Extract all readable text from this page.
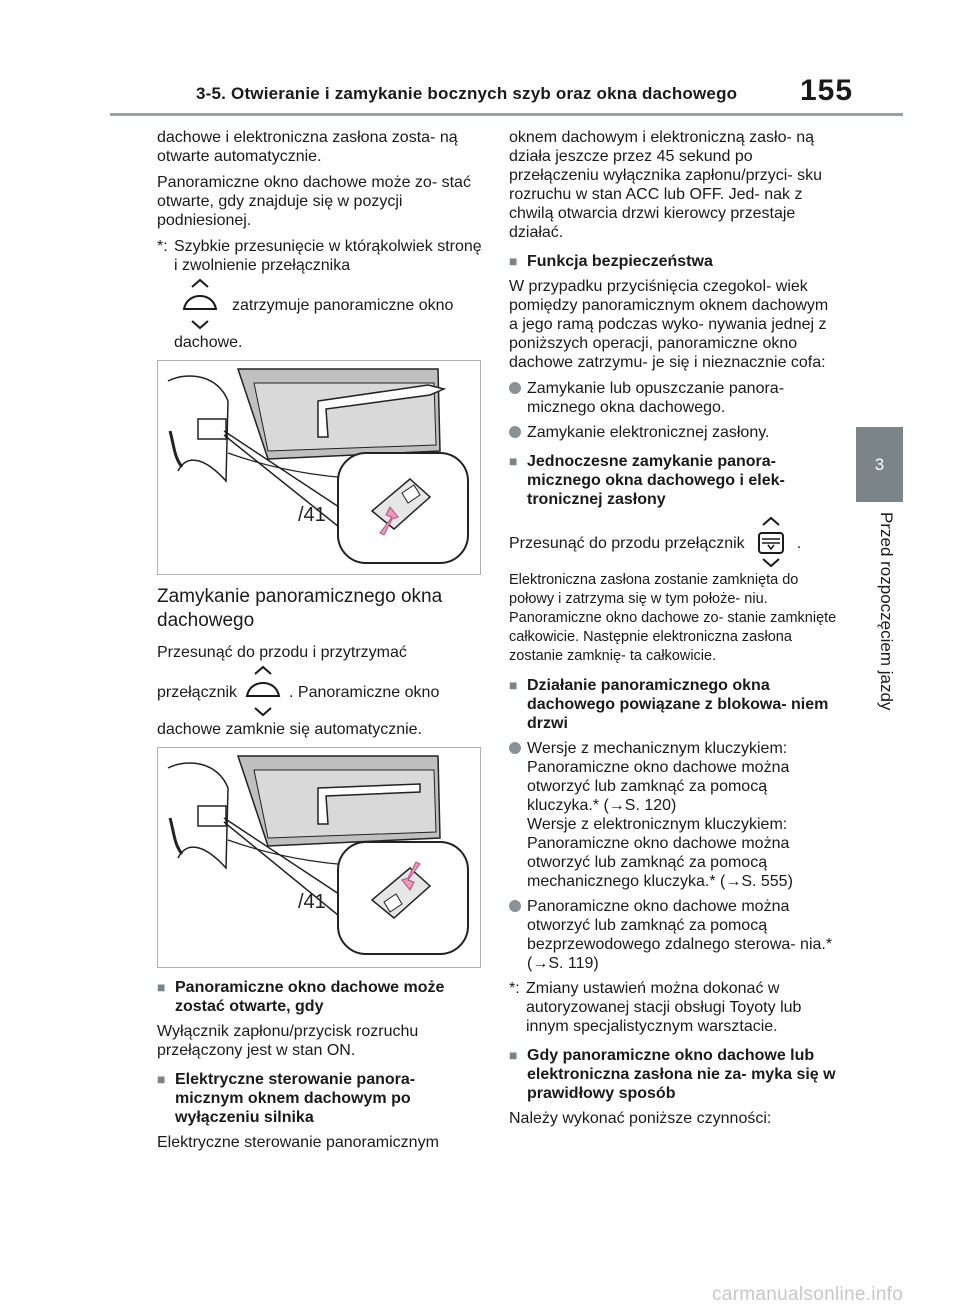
3-5. Otwieranie i zamykanie bocznych szyb oraz okna dachowego 155
3
Przed rozpoczęciem jazdy

dachowe i elektroniczna zasłona zosta- ną otwarte automatycznie.

Panoramiczne okno dachowe może zo- stać otwarte, gdy znajduje się w pozycji podniesionej.

*: Szybkie przesunięcie w którąkolwiek stronę i zwolnienie przełącznika
zatrzymuje panoramiczne okno

dachowe.

/41
Zamykanie panoramicznego okna dachowego

Przesunąć do przodu i przytrzymać

przełącznik	. Panoramiczne okno

dachowe zamknie się automatycznie.

/41
■ Panoramiczne okno dachowe może zostać otwarte, gdy

Wyłącznik zapłonu/przycisk rozruchu przełączony jest w stan ON.

■ Elektryczne sterowanie panora- micznym oknem dachowym po wyłączeniu silnika

Elektryczne sterowanie panoramicznym

oknem dachowym i elektroniczną zasło- ną działa jeszcze przez 45 sekund po przełączeniu wyłącznika zapłonu/przyci- sku rozruchu w stan ACC lub OFF. Jed- nak z chwilą otwarcia drzwi kierowcy przestaje działać.

■ Funkcja bezpieczeństwa

W przypadku przyciśnięcia czegokol- wiek pomiędzy panoramicznym oknem dachowym a jego ramą podczas wyko- nywania jednej z poniższych operacji, panoramiczne okno dachowe zatrzymu- je się i nieznacznie cofa:

Zamykanie lub opuszczanie panora- micznego okna dachowego.
Zamykanie elektronicznej zasłony.
■ Jednoczesne zamykanie panora- micznego okna dachowego i elek- tronicznej zasłony
Przesunąć do przodu przełącznik	.

Elektroniczna zasłona zostanie zamknięta do połowy i zatrzyma się w tym położe- niu. Panoramiczne okno dachowe zo- stanie zamknięte całkowicie. Następnie elektroniczna zasłona zostanie zamknię- ta całkowicie.

■ Działanie panoramicznego okna dachowego powiązane z blokowa- niem drzwi
Wersje z mechanicznym kluczykiem: Panoramiczne okno dachowe można otworzyć lub zamknąć za pomocą kluczyka.* (→S. 120)
Wersje z elektronicznym kluczykiem: Panoramiczne okno dachowe można otworzyć lub zamknąć za pomocą mechanicznego kluczyka.* (→S. 555)
Panoramiczne okno dachowe można otworzyć lub zamknąć za pomocą bezprzewodowego zdalnego sterowa- nia.* (→S. 119)
*: Zmiany ustawień można dokonać w autoryzowanej stacji obsługi Toyoty lub innym specjalistycznym warsztacie.
■ Gdy panoramiczne okno dachowe lub elektroniczna zasłona nie za- myka się w prawidłowy sposób

Należy wykonać poniższe czynności:

carmanualsonline.info
